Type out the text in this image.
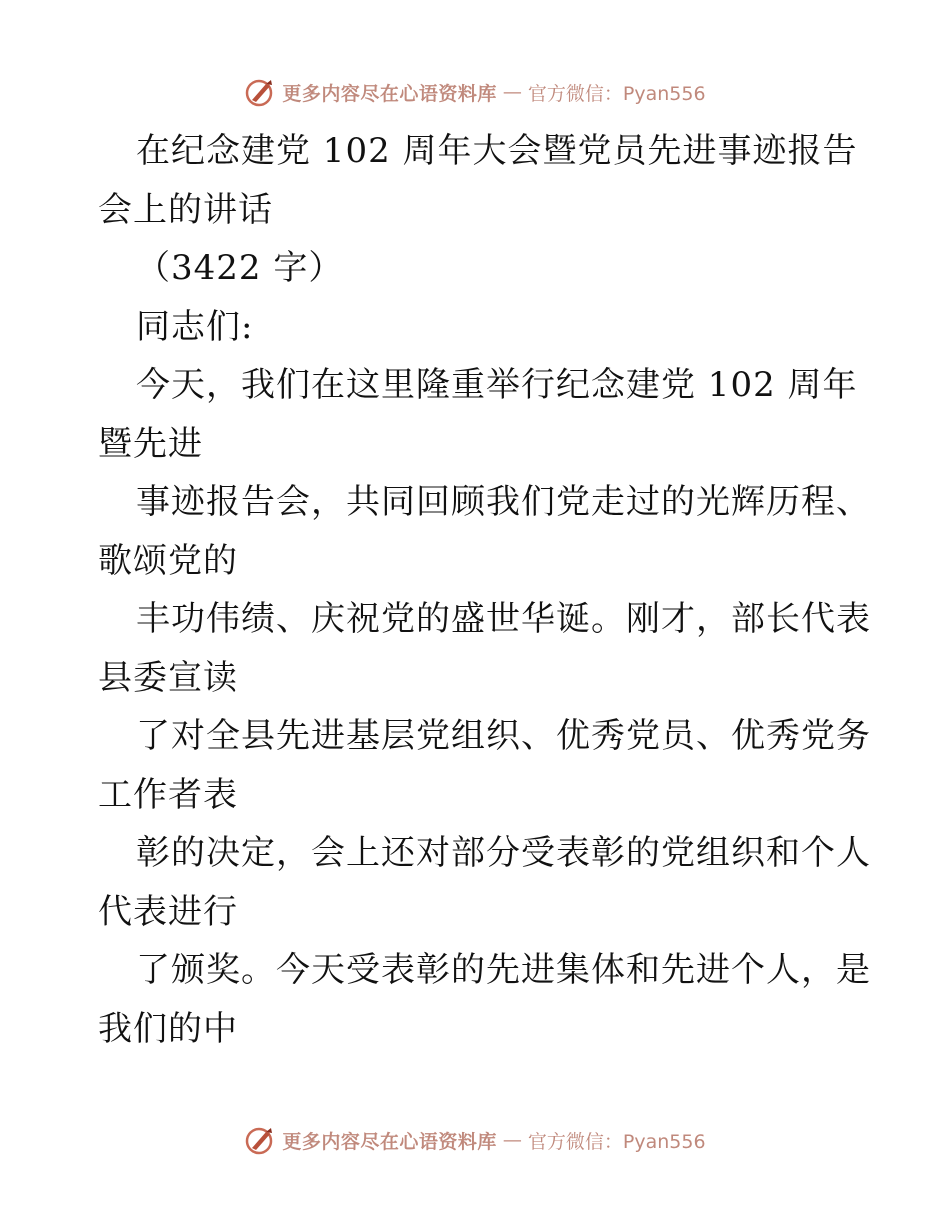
更多内容尽在心语资料库 — 官方微信：Pyan556
在纪念建党 102 周年大会暨党员先进事迹报告
会上的讲话
（3422 字）
同志们:
今天，我们在这里隆重举行纪念建党 102 周年
暨先进
事迹报告会，共同回顾我们党走过的光辉历程、
歌颂党的
丰功伟绩、庆祝党的盛世华诞。刚才，部长代表
县委宣读
了对全县先进基层党组织、优秀党员、优秀党务
工作者表
彰的决定，会上还对部分受表彰的党组织和个人
代表进行
了颁奖。今天受表彰的先进集体和先进个人，是
我们的中
更多内容尽在心语资料库 — 官方微信：Pyan556
